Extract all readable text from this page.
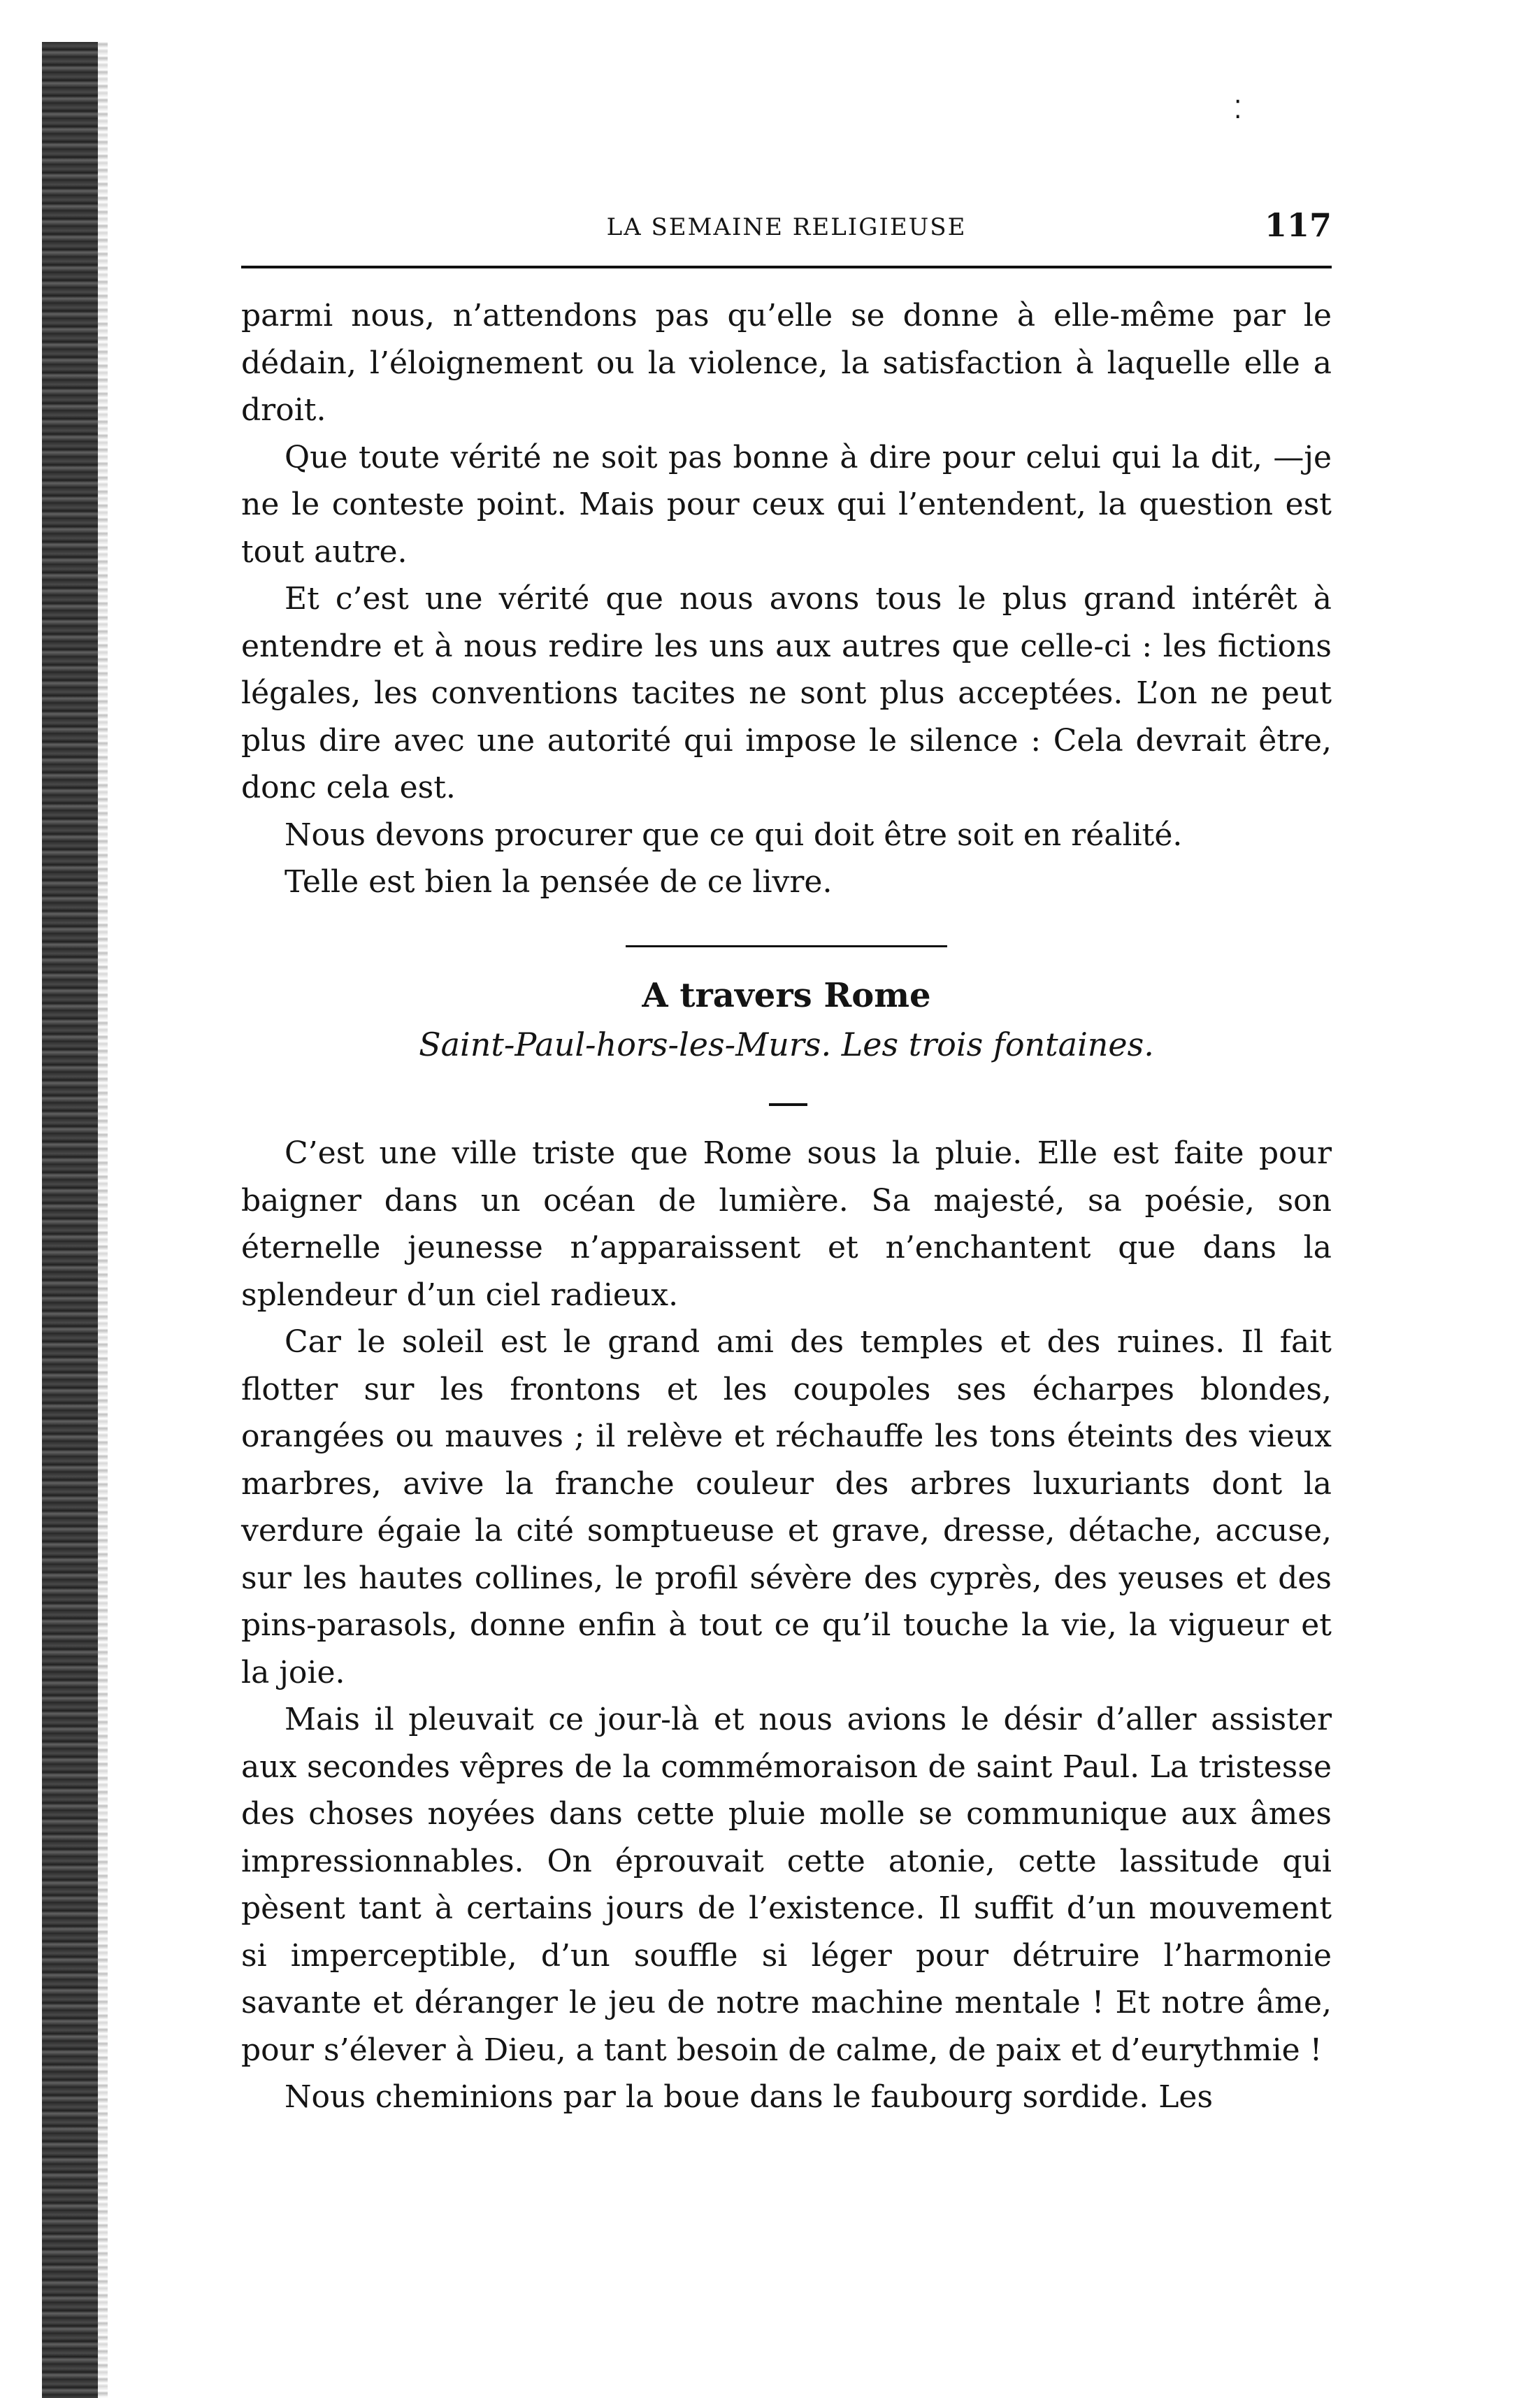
⁚
LA SEMAINE RELIGIEUSE	117

parmi nous, n’attendons pas qu’elle se donne à elle-même par le dédain, l’éloignement ou la violence, la satisfaction à laquelle elle a droit.

Que toute vérité ne soit pas bonne à dire pour celui qui la dit, —je ne le conteste point. Mais pour ceux qui l’entendent, la question est tout autre.

Et c’est une vérité que nous avons tous le plus grand intérêt à entendre et à nous redire les uns aux autres que celle-ci : les fictions légales, les conventions tacites ne sont plus acceptées. L’on ne peut plus dire avec une autorité qui impose le silence : Cela devrait être, donc cela est.

Nous devons procurer que ce qui doit être soit en réalité.

Telle est bien la pensée de ce livre.

A travers Rome
Saint-Paul-hors-les-Murs. Les trois fontaines.

C’est une ville triste que Rome sous la pluie. Elle est faite pour baigner dans un océan de lumière. Sa majesté, sa poésie, son éternelle jeunesse n’apparaissent et n’enchantent que dans la splendeur d’un ciel radieux.

Car le soleil est le grand ami des temples et des ruines. Il fait flotter sur les frontons et les coupoles ses écharpes blondes, orangées ou mauves ; il relève et réchauffe les tons éteints des vieux marbres, avive la franche couleur des arbres luxuriants dont la verdure égaie la cité somptueuse et grave, dresse, détache, accuse, sur les hautes collines, le profil sévère des cyprès, des yeuses et des pins-parasols, donne enfin à tout ce qu’il touche la vie, la vigueur et la joie.

Mais il pleuvait ce jour-là et nous avions le désir d’aller assister aux secondes vêpres de la commémoraison de saint Paul. La tristesse des choses noyées dans cette pluie molle se communique aux âmes impressionnables. On éprouvait cette atonie, cette lassitude qui pèsent tant à certains jours de l’existence. Il suffit d’un mouvement si imperceptible, d’un souffle si léger pour détruire l’harmonie savante et déranger le jeu de notre machine mentale ! Et notre âme, pour s’élever à Dieu, a tant besoin de calme, de paix et d’eurythmie !

Nous cheminions par la boue dans le faubourg sordide. Les
